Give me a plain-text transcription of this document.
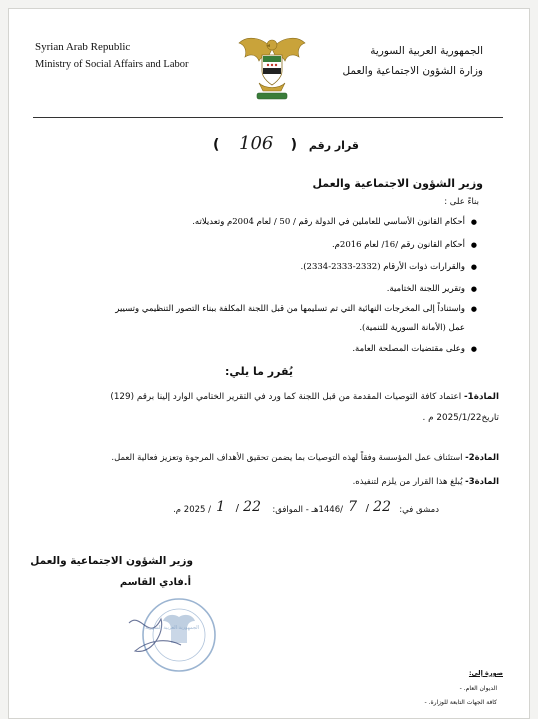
Syrian Arab Republic
Ministry of Social Affairs and Labor
الجمهورية العربية السورية
وزارة الشؤون الاجتماعية والعمل
قرار رقم
(
106
)
وزير الشؤون الاجتماعية والعمل
بناءً على :
●
أحكام القانون الأساسي للعاملين في الدولة رقم / 50 / لعام 2004م وتعديلاته.
●
أحكام القانون رقم /16/ لعام 2016م.
●
والقرارات ذوات الأرقام (2332-2333-2334).
●
وتقرير اللجنة الختامية.
●
واستناداً إلى المخرجات النهائية التي تم تسليمها من قبل اللجنة المكلفة ببناء التصور التنظيمي وتسيير
عمل (الأمانة السورية للتنمية).
●
وعلى مقتضيات المصلحة العامة.
يُقرر ما يلي:
المادة1- اعتماد كافة التوصيات المقدمة من قبل اللجنة كما ورد في التقرير الختامي الوارد إلينا برقم (129)
تاريخ2025/1/22 م .
المادة2- استئناف عمل المؤسسة وفقاً لهذه التوصيات بما يضمن تحقيق الأهداف المرجوة وتعزيز فعالية العمل.
المادة3- يُبلغ هذا القرار من يلزم لتنفيذه.
دمشق في:
22
/
7
/1446هـ - الموافق:
22
/
1
/ 2025 م.
وزير الشؤون الاجتماعية والعمل
أ.فادي القاسم
الجمهورية العربية السورية
صورة إلى:
الديوان العام. -
كافة الجهات التابعة للوزارة. -
